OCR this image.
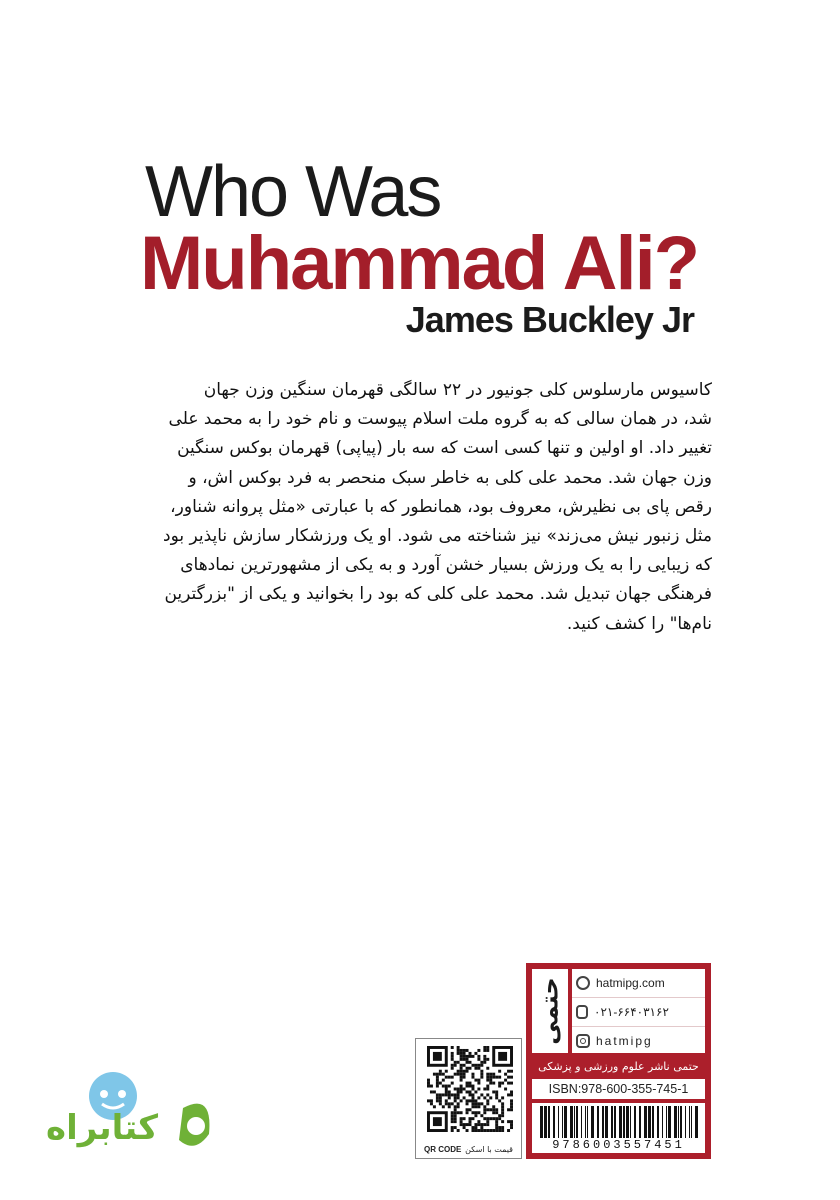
Who Was
Muhammad Ali?
James Buckley Jr
کاسیوس مارسلوس کلی جونیور در ۲۲ سالگی قهرمان سنگین وزن جهان
شد، در همان سالی که به گروه ملت اسلام پیوست و نام خود را به محمد علی
تغییر داد. او اولین و تنها کسی است که سه بار (پیاپی) قهرمان بوکس سنگین
وزن جهان شد. محمد علی کلی به خاطر سبک منحصر به فرد بوکس اش، و
رقص پای بی نظیرش، معروف بود، همانطور که با عبارتی «مثل پروانه شناور،
مثل زنبور نیش می‌زند» نیز شناخته می شود. او یک ورزشکار سازش ناپذیر بود
که زیبایی را به یک ورزش بسیار خشن آورد و به یکی از مشهورترین نمادهای
فرهنگی جهان تبدیل شد. محمد علی کلی که بود را بخوانید و یکی از "بزرگترین
نام‌ها" را کشف کنید.
حتمی	hatmipg.com
۰۲۱-۶۶۴۰۳۱۶۲
hatmipg
حتمی ناشر علوم ورزشی و پزشکی
ISBN:978-600-355-745-1
9786003557451
QR CODE قیمت با اسکن
کتابراه
